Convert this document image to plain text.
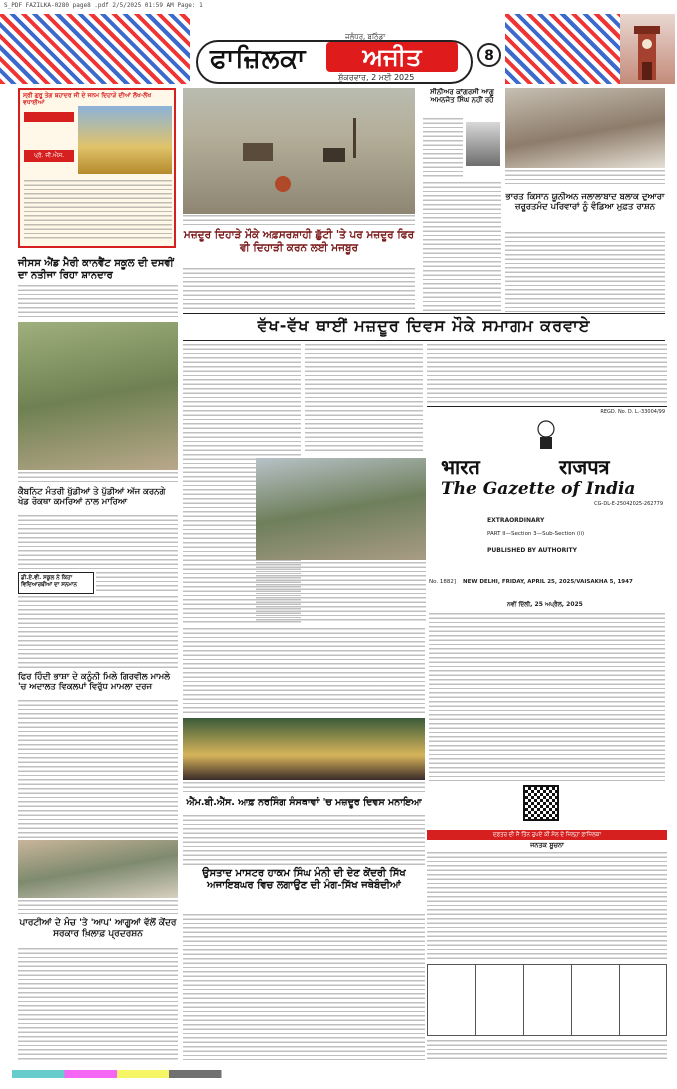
S_PDF FAZILKA-0280 page8 .pdf 2/5/2025 01:59 AM Page: 1
ਫਾਜ਼ਿਲਕਾ	ਅਜੀਤ
ਜਲੰਧਰ, ਬਠਿੰਡਾ
ਸ਼ੁੱਕਰਵਾਰ, 2 ਮਈ 2025
8
ਸ੍ਰੀ ਗੁਰੂ ਤੇਗ ਬਹਾਦਰ ਜੀ ਦੇ ਜਨਮ ਦਿਹਾੜੇ ਦੀਆਂ ਲੱਖ-ਲੱਖ ਵਧਾਈਆਂ
ਪ੍ਰੋ. ਜੀ.ਐਸ.
ਜੀਸਸ ਐਂਡ ਮੈਰੀ ਕਾਨਵੈਂਟ ਸਕੂਲ ਦੀ ਦਸਵੀਂ ਦਾ ਨਤੀਜਾ ਰਿਹਾ ਸ਼ਾਨਦਾਰ
ਕੈਬਨਿਟ ਮੰਤਰੀ ਖੁੱਡੀਆਂ ਤੇ ਪੁੱਡੀਆਂ ਅੱਜ ਕਰਨਗੇ ਖੇਡ ਰੋਕਥਾ ਕਮਰਿਆਂ ਨਾਲ ਮਾਰਿਆ
ਡੀ.ਏ.ਵੀ. ਸਕੂਲ ਨੇ ਕਿਹਾ ਵਿਦਿਆਰਥੀਆਂ ਦਾ ਸਨਮਾਨ
ਫਿਰ ਹਿੰਦੀ ਭਾਸ਼ਾ ਦੇ ਕਨੂੰਨੀ ਮਿਲੇ ਗਿਰਵੀਲ ਮਾਮਲੇ 'ਚ ਅਦਾਲਤ ਵਿਕਲਪਾਂ ਵਿਰੁੱਧ ਮਾਮਲਾ ਦਰਜ
ਪਾਰਟੀਆਂ ਦੇ ਮੰਚ 'ਤੇ 'ਆਪ' ਆਗੂਆਂ ਵੱਲੋਂ ਕੇਂਦਰ ਸਰਕਾਰ ਖ਼ਿਲਾਫ਼ ਪ੍ਰਦਰਸ਼ਨ
ਮਜ਼ਦੂਰ ਦਿਹਾੜੇ ਮੌਕੇ ਅਫ਼ਸਰਸ਼ਾਹੀ ਛੁੱਟੀ 'ਤੇ ਪਰ ਮਜ਼ਦੂਰ ਫਿਰ ਵੀ ਦਿਹਾੜੀ ਕਰਨ ਲਈ ਮਜਬੂਰ
ਸੀਨੀਅਰ ਕਾਂਗਰਸੀ ਆਗੂ ਅਮਨਜੋਤ ਸਿੰਘ ਨਹੀਂ ਰਹੇ
ਭਾਰਤ ਕਿਸਾਨ ਯੂਨੀਅਨ ਜਲਾਲਾਬਾਦ ਬਲਾਕ ਦੁਆਰਾ ਜ਼ਰੂਰਤਮੰਦ ਪਰਿਵਾਰਾਂ ਨੂੰ ਵੰਡਿਆ ਮੁਫ਼ਤ ਰਾਸ਼ਨ
ਵੱਖ-ਵੱਖ ਥਾਈਂ ਮਜ਼ਦੂਰ ਦਿਵਸ ਮੌਕੇ ਸਮਾਗਮ ਕਰਵਾਏ
REGD. No. D. L.-33004/99
भारत	राजपत्र
The Gazette of India
CG-DL-E-25042025-262779
EXTRAORDINARY
PART II—Section 3—Sub-Section (ii)
PUBLISHED BY AUTHORITY
No. 1882] NEW DELHI, FRIDAY, APRIL 25, 2025/VAISAKHA 5, 1947
ਨਵੀਂ ਦਿੱਲੀ, 25 ਅਪ੍ਰੈਲ, 2025
ਦਫ਼ਤਰ ਦੀ ਸੈ ਤਿੰਨ ਰੁਪਏ ਕੀ ਸੋਲ ਦੇ ਜ਼ਿਲ੍ਹਾ ਫ਼ਾਜ਼ਿਲਕਾ
ਜਨਤਕ ਸੂਚਨਾ
ਐੱਮ.ਬੀ.ਐੱਸ. ਆਫ਼ ਨਰਸਿੰਗ ਸੰਸਥਾਵਾਂ 'ਚ ਮਜ਼ਦੂਰ ਦਿਵਸ ਮਨਾਇਆ
ਉਸਤਾਦ ਮਾਸਟਰ ਹਾਕਮ ਸਿੰਘ ਮੰਨੀ ਦੀ ਦੇਣ ਕੇਂਦਰੀ ਸਿੱਖ ਅਜਾਇਬਘਰ ਵਿਚ ਲਗਾਉਣ ਦੀ ਮੰਗ-ਸਿੱਖ ਜਥੇਬੰਦੀਆਂ
